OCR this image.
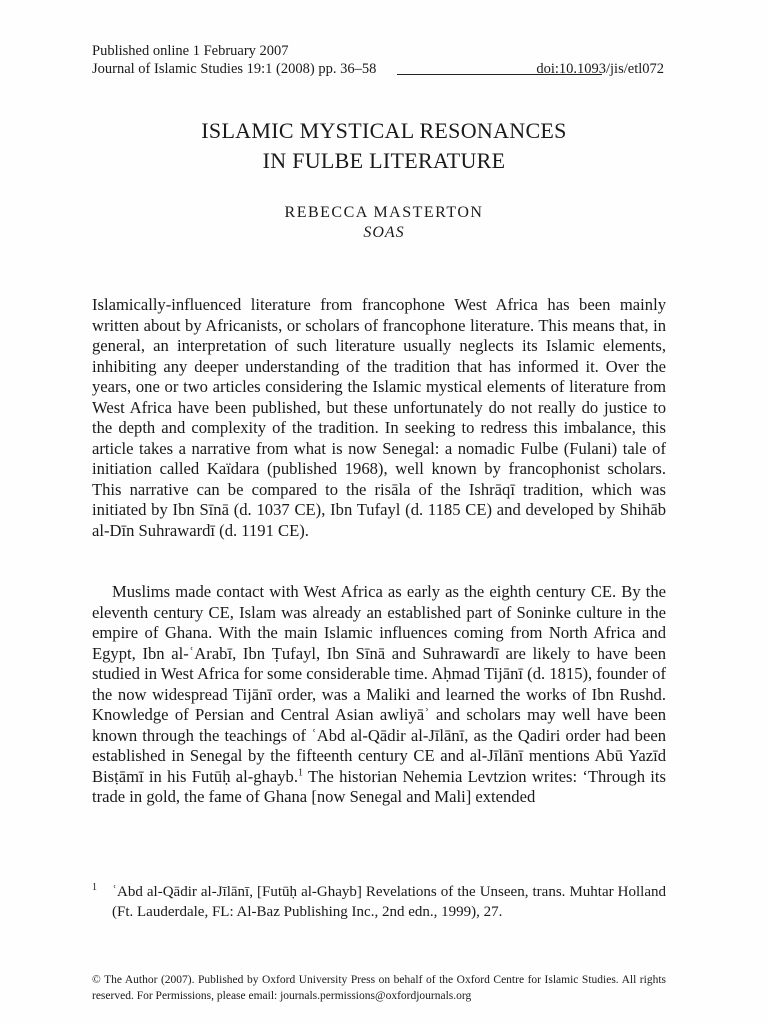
Published online 1 February 2007
Journal of Islamic Studies 19:1 (2008) pp. 36–58	doi:10.1093/jis/etl072
ISLAMIC MYSTICAL RESONANCES
IN FULBE LITERATURE
REBECCA MASTERTON
SOAS

Islamically-influenced literature from francophone West Africa has been mainly written about by Africanists, or scholars of francophone literature. This means that, in general, an interpretation of such literature usually neglects its Islamic elements, inhibiting any deeper understanding of the tradition that has informed it. Over the years, one or two articles considering the Islamic mystical elements of literature from West Africa have been published, but these unfortunately do not really do justice to the depth and complexity of the tradition. In seeking to redress this imbalance, this article takes a narrative from what is now Senegal: a nomadic Fulbe (Fulani) tale of initiation called Kaïdara (published 1968), well known by francophonist scholars. This narrative can be compared to the risāla of the Ishrāqī tradition, which was initiated by Ibn Sīnā (d. 1037 CE), Ibn Tufayl (d. 1185 CE) and developed by Shihāb al-Dīn Suhrawardī (d. 1191 CE).

Muslims made contact with West Africa as early as the eighth century CE. By the eleventh century CE, Islam was already an established part of Soninke culture in the empire of Ghana. With the main Islamic influences coming from North Africa and Egypt, Ibn al-ʿArabī, Ibn Ṭufayl, Ibn Sīnā and Suhrawardī are likely to have been studied in West Africa for some considerable time. Aḥmad Tijānī (d. 1815), founder of the now widespread Tijānī order, was a Maliki and learned the works of Ibn Rushd. Knowledge of Persian and Central Asian awliyāʾ and scholars may well have been known through the teachings of ʿAbd al-Qādir al-Jīlānī, as the Qadiri order had been established in Senegal by the fifteenth century CE and al-Jīlānī mentions Abū Yazīd Bisṭāmī in his Futūḥ al-ghayb.$^1$ The historian Nehemia Levtzion writes: ‘Through its trade in gold, the fame of Ghana [now Senegal and Mali] extended

1 ʿAbd al-Qādir al-Jīlānī, [Futūḥ al-Ghayb] Revelations of the Unseen, trans. Muhtar Holland (Ft. Lauderdale, FL: Al-Baz Publishing Inc., 2nd edn., 1999), 27.

© The Author (2007). Published by Oxford University Press on behalf of the Oxford Centre for Islamic Studies. All rights reserved. For Permissions, please email: journals.permissions@oxfordjournals.org
